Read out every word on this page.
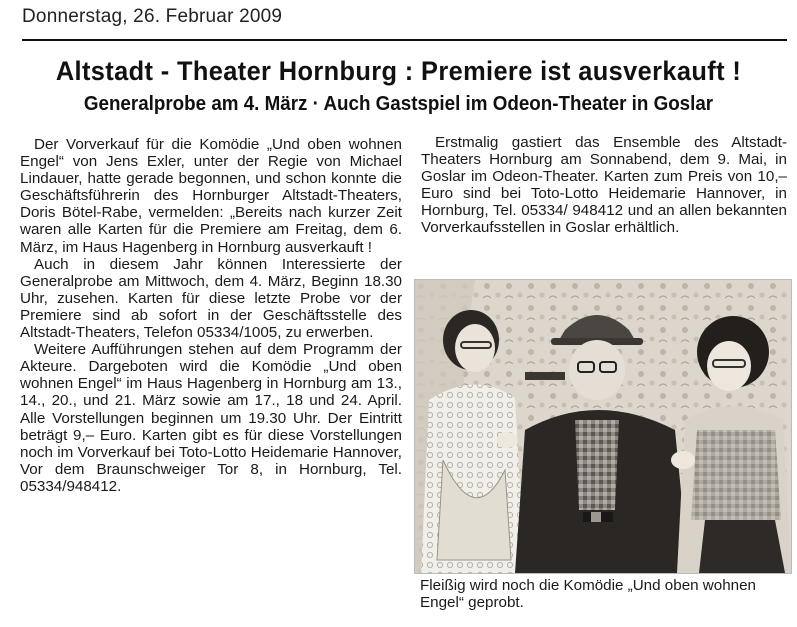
Donnerstag, 26. Februar 2009
Altstadt - Theater Hornburg : Premiere ist ausverkauft !
Generalprobe am 4. März · Auch Gastspiel im Odeon-Theater in Goslar

Der Vorverkauf für die Komödie „Und oben wohnen Engel“ von Jens Exler, unter der Regie von Michael Lindauer, hatte gerade begonnen, und schon konnte die Geschäftsführerin des Hornburger Altstadt-Theaters, Doris Bötel-Rabe, vermelden: „Bereits nach kurzer Zeit waren alle Karten für die Premiere am Freitag, dem 6. März, im Haus Hagenberg in Hornburg ausverkauft !

Auch in diesem Jahr können Interessierte der Generalprobe am Mittwoch, dem 4. März, Beginn 18.30 Uhr, zusehen. Karten für diese letzte Probe vor der Premiere sind ab sofort in der Geschäftsstelle des Altstadt-Theaters, Telefon 05334/1005, zu erwerben.

Weitere Aufführungen stehen auf dem Programm der Akteure. Dargeboten wird die Komödie „Und oben wohnen Engel“ im Haus Hagenberg in Hornburg am 13., 14., 20., und 21. März sowie am 17., 18 und 24. April. Alle Vorstellungen beginnen um 19.30 Uhr. Der Eintritt beträgt 9,– Euro. Karten gibt es für diese Vorstellungen noch im Vorverkauf bei Toto-Lotto Heidemarie Hannover, Vor dem Braunschweiger Tor 8, in Hornburg, Tel. 05334/948412.

Erstmalig gastiert das Ensemble des Altstadt-Theaters Hornburg am Sonnabend, dem 9. Mai, in Goslar im Odeon-Theater. Karten zum Preis von 10,– Euro sind bei Toto-Lotto Heidemarie Hannover, in Hornburg, Tel. 05334/ 948412 und an allen bekannten Vorverkaufsstellen in Goslar erhältlich.

Fleißig wird noch die Komödie „Und oben wohnen Engel“ geprobt.
